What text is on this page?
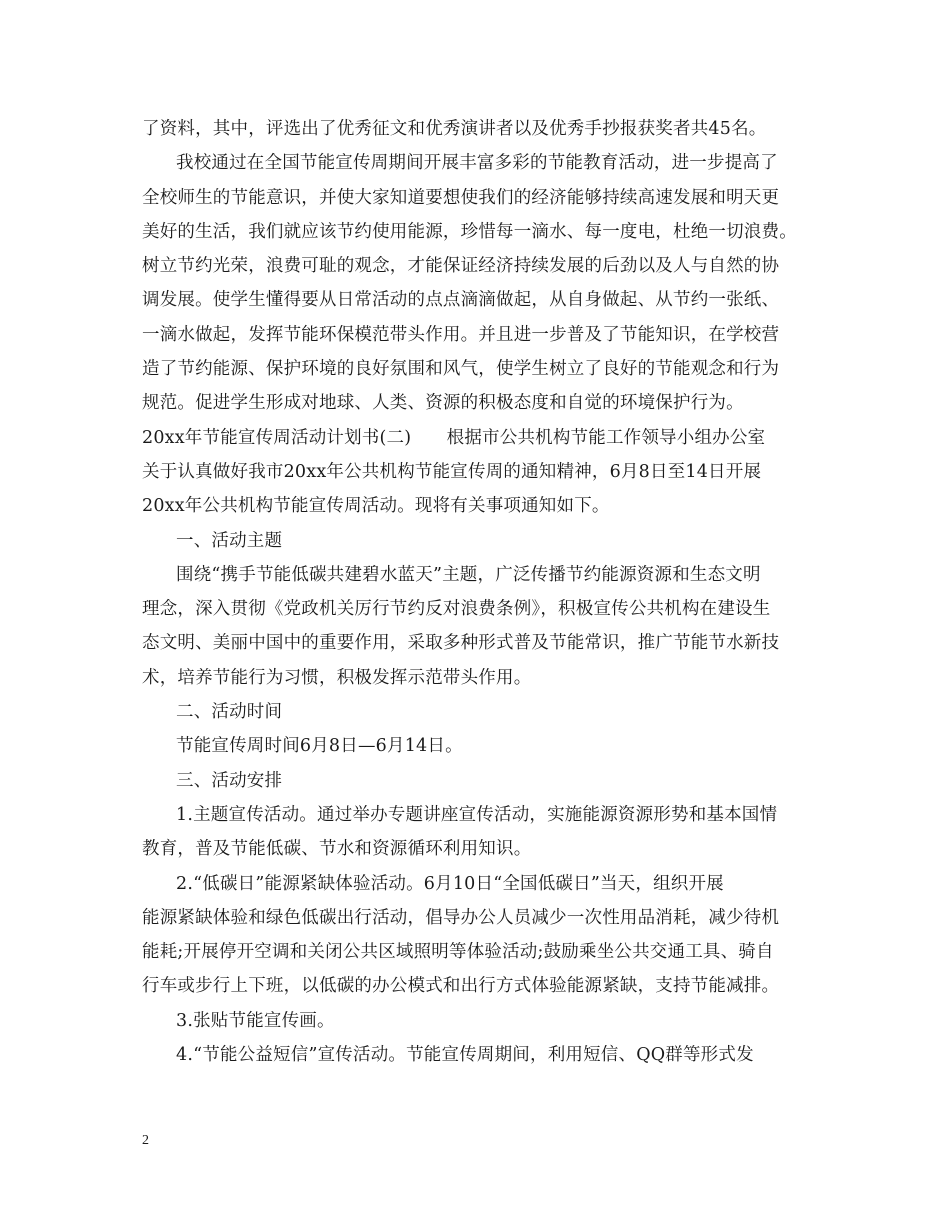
了资料，其中，评选出了优秀征文和优秀演讲者以及优秀手抄报获奖者共45名。
我校通过在全国节能宣传周期间开展丰富多彩的节能教育活动，进一步提高了
全校师生的节能意识，并使大家知道要想使我们的经济能够持续高速发展和明天更
美好的生活，我们就应该节约使用能源，珍惜每一滴水、每一度电，杜绝一切浪费。
树立节约光荣，浪费可耻的观念，才能保证经济持续发展的后劲以及人与自然的协
调发展。使学生懂得要从日常活动的点点滴滴做起，从自身做起、从节约一张纸、
一滴水做起，发挥节能环保模范带头作用。并且进一步普及了节能知识，在学校营
造了节约能源、保护环境的良好氛围和风气，使学生树立了良好的节能观念和行为
规范。促进学生形成对地球、人类、资源的积极态度和自觉的环境保护行为。
20xx年节能宣传周活动计划书(二)　　根据市公共机构节能工作领导小组办公室
关于认真做好我市20xx年公共机构节能宣传周的通知精神，6月8日至14日开展
20xx年公共机构节能宣传周活动。现将有关事项通知如下。
一、活动主题
围绕“携手节能低碳共建碧水蓝天”主题，广泛传播节约能源资源和生态文明
理念，深入贯彻《党政机关厉行节约反对浪费条例》，积极宣传公共机构在建设生
态文明、美丽中国中的重要作用，采取多种形式普及节能常识，推广节能节水新技
术，培养节能行为习惯，积极发挥示范带头作用。
二、活动时间
节能宣传周时间6月8日—6月14日。
三、活动安排
1.主题宣传活动。通过举办专题讲座宣传活动，实施能源资源形势和基本国情
教育，普及节能低碳、节水和资源循环利用知识。
2.“低碳日”能源紧缺体验活动。6月10日“全国低碳日”当天，组织开展
能源紧缺体验和绿色低碳出行活动，倡导办公人员减少一次性用品消耗，减少待机
能耗;开展停开空调和关闭公共区域照明等体验活动;鼓励乘坐公共交通工具、骑自
行车或步行上下班，以低碳的办公模式和出行方式体验能源紧缺，支持节能减排。
3.张贴节能宣传画。
4.“节能公益短信”宣传活动。节能宣传周期间，利用短信、QQ群等形式发
2
